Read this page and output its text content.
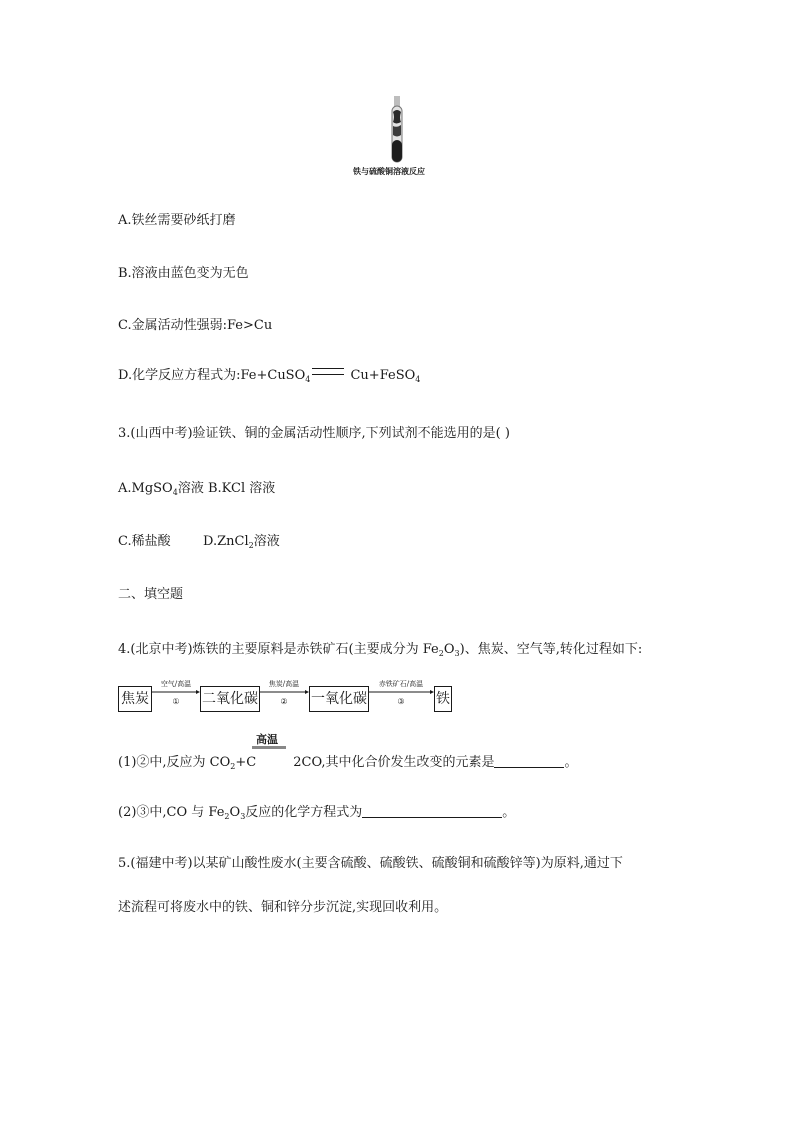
铁与硫酸铜溶液反应
A.铁丝需要砂纸打磨
B.溶液由蓝色变为无色
C.金属活动性强弱:Fe>Cu
D.化学反应方程式为:Fe+CuSO$_4$	Cu+FeSO$_4$
3.(山西中考)验证铁、铜的金属活动性顺序,下列试剂不能选用的是( )
A.MgSO$_4$溶液 B.KCl 溶液
C.稀盐酸 D.ZnCl$_2$溶液
二、填空题
4.(北京中考)炼铁的主要原料是赤铁矿石(主要成分为 $Fe_2O_3$)、焦炭、空气等,转化过程如下:
焦炭
空气/高温
①	二氧化碳
焦炭/高温
②	一氧化碳
赤铁矿石/高温
③	铁
高温
(1)②中,反应为 $CO_2+C$	2CO,其中化合价发生改变的元素是	。
(2)③中,CO 与 $Fe_2O_3$反应的化学方程式为	。
5.(福建中考)以某矿山酸性废水(主要含硫酸、硫酸铁、硫酸铜和硫酸锌等)为原料,通过下
述流程可将废水中的铁、铜和锌分步沉淀,实现回收利用。
